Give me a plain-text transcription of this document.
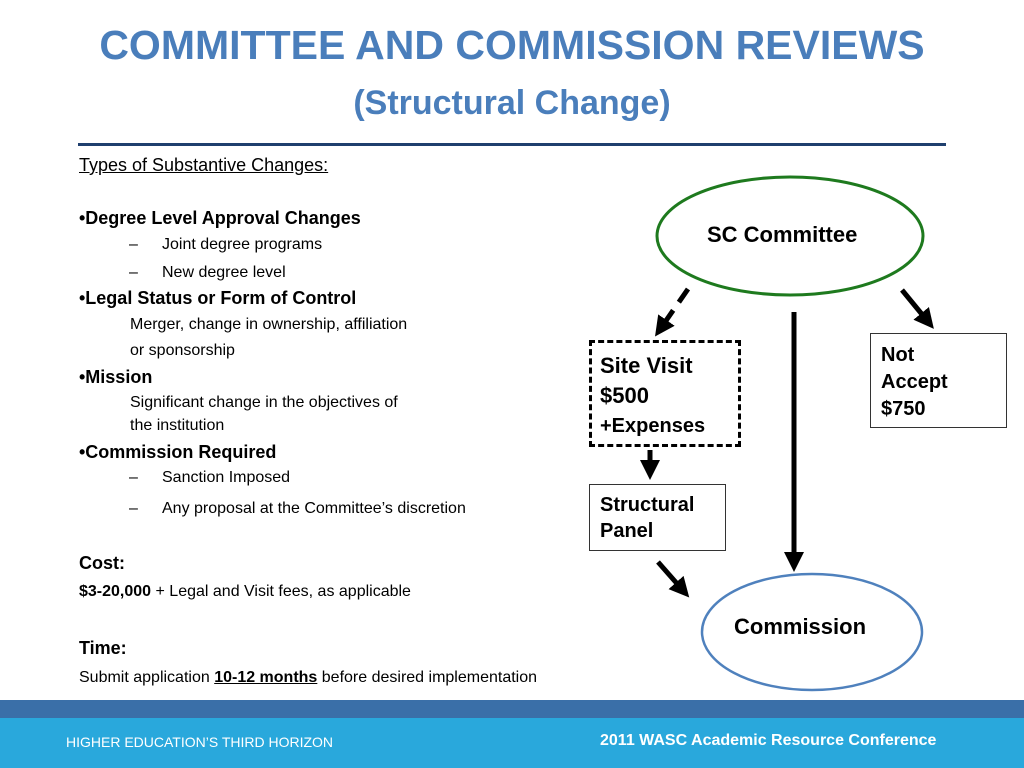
COMMITTEE AND COMMISSION REVIEWS
(Structural Change)
Types of Substantive Changes:
•Degree Level Approval Changes
– Joint degree programs
– New degree level
•Legal Status or Form of Control
Merger, change in ownership, affiliation
or sponsorship
•Mission
Significant change in the objectives of
the institution
•Commission Required
– Sanction Imposed
– Any proposal at the Committee’s discretion
Cost:
$3-20,000 + Legal and Visit fees, as applicable
Time:
Submit application 10-12 months before desired implementation
SC Committee
Commission
Site Visit
$500
+Expenses
Not
Accept
$750
Structural
Panel
HIGHER EDUCATION’S THIRD HORIZON	2011 WASC Academic Resource Conference
